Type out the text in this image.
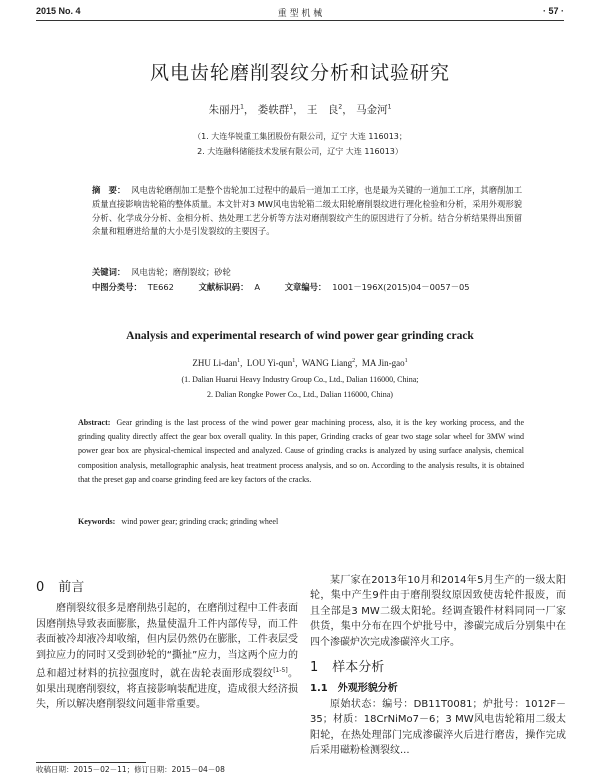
2015 No. 4	重 型 机 械	· 57 ·
风电齿轮磨削裂纹分析和试验研究
朱丽丹$^1$， 娄轶群$^1$， 王　良$^2$， 马金河$^1$
（1. 大连华锐重工集团股份有限公司，辽宁 大连 116013；
2. 大连融科储能技术发展有限公司，辽宁 大连 116013）
摘　要： 风电齿轮磨削加工是整个齿轮加工过程中的最后一道加工工序，也是最为关键的一道加工工序，其磨削加工质量直接影响齿轮箱的整体质量。本文针对3 MW风电齿轮箱二级太阳轮磨削裂纹进行理化检验和分析，采用外观形貌分析、化学成分分析、金相分析、热处理工艺分析等方法对磨削裂纹产生的原因进行了分析。结合分析结果得出预留余量和粗磨进给量的大小是引发裂纹的主要因子。
关键词： 风电齿轮；磨削裂纹；砂轮
中图分类号： TE662	文献标识码： A	文章编号： 1001－196X(2015)04－0057－05
Analysis and experimental research of wind power gear grinding crack
ZHU Li-dan$^1$,  LOU Yi-qun$^1$,  WANG Liang$^2$,  MA Jin-gao$^1$
(1. Dalian Huarui Heavy Industry Group Co., Ltd., Dalian 116000, China;
2. Dalian Rongke Power Co., Ltd., Dalian 116000, China)
Abstract: Gear grinding is the last process of the wind power gear machining process, also, it is the key working process, and the grinding quality directly affect the gear box overall quality. In this paper, Grinding cracks of gear two stage solar wheel for 3MW wind power gear box are physical-chemical inspected and analyzed. Cause of grinding cracks is analyzed by using surface analysis, chemical composition analysis, metallographic analysis, heat treatment process analysis, and so on. According to the analysis results, it is obtained that the preset gap and coarse grinding feed are key factors of the cracks.
Keywords: wind power gear; grinding crack; grinding wheel
0 前言

磨削裂纹很多是磨削热引起的，在磨削过程中工件表面因磨削热导致表面膨胀，热量使温升工件内部传导，而工件表面被冷却液冷却收缩，但内层仍然仍在膨胀，工件表层受到拉应力的同时又受到砂轮的“撕扯”应力，当这两个应力的总和超过材料的抗拉强度时，就在齿轮表面形成裂纹[1-5]。如果出现磨削裂纹，将直接影响装配进度，造成很大经济损失，所以解决磨削裂纹问题非常重要。

某厂家在2013年10月和2014年5月生产的一级太阳轮，集中产生9件由于磨削裂纹原因致使齿轮件报废，而且全部是3 MW二级太阳轮。经调查锻件材料同同一厂家供货，集中分布在四个炉批号中，渗碳完成后分别集中在四个渗碳炉次完成渗碳淬火工序。

1 样本分析
1.1　外观形貌分析

原始状态：编号：DB11T0081；炉批号：1012F－35；材质：18CrNiMo7－6；3 MW风电齿轮箱用二级太阳轮，在热处理部门完成渗碳淬火后进行磨齿，操作完成后采用磁粉检测裂纹...

收稿日期：2015－02－11；修订日期：2015－04－08
